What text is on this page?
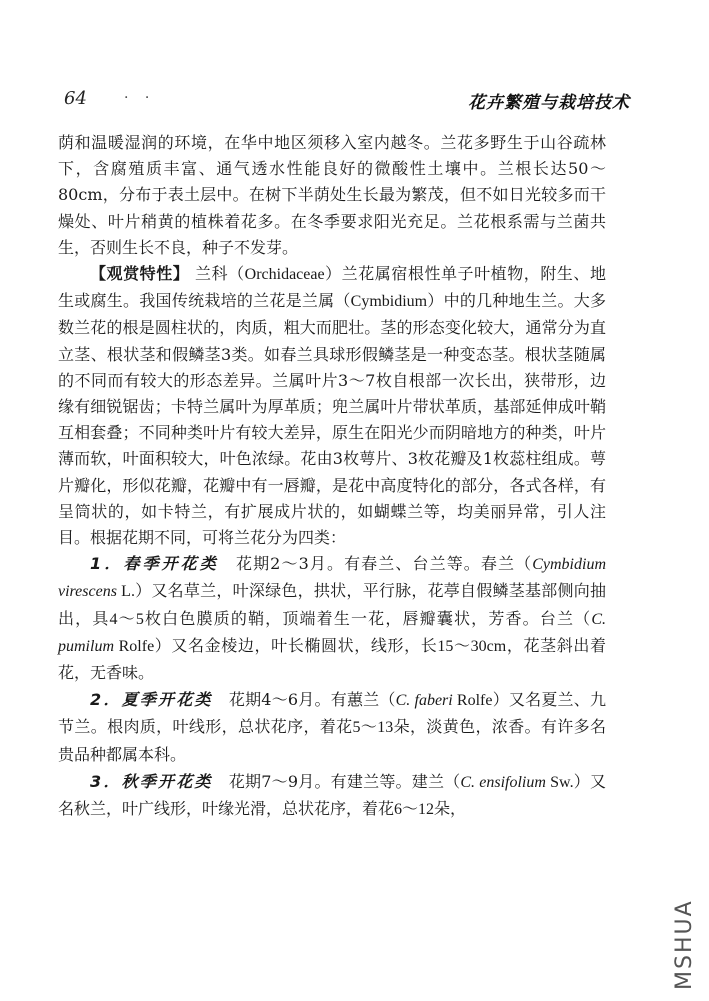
64	· ·	花卉繁殖与栽培技术

荫和温暖湿润的环境，在华中地区须移入室内越冬。兰花多野生于山谷疏林下，含腐殖质丰富、通气透水性能良好的微酸性土壤中。兰根长达50～80cm，分布于表土层中。在树下半荫处生长最为繁茂，但不如日光较多而干燥处、叶片稍黄的植株着花多。在冬季要求阳光充足。兰花根系需与兰菌共生，否则生长不良，种子不发芽。

【观赏特性】 兰科（Orchidaceae）兰花属宿根性单子叶植物，附生、地生或腐生。我国传统栽培的兰花是兰属（Cymbidium）中的几种地生兰。大多数兰花的根是圆柱状的，肉质，粗大而肥壮。茎的形态变化较大，通常分为直立茎、根状茎和假鳞茎3类。如春兰具球形假鳞茎是一种变态茎。根状茎随属的不同而有较大的形态差异。兰属叶片3～7枚自根部一次长出，狭带形，边缘有细锐锯齿；卡特兰属叶为厚革质；兜兰属叶片带状革质，基部延伸成叶鞘互相套叠；不同种类叶片有较大差异，原生在阳光少而阴暗地方的种类，叶片薄而软，叶面积较大，叶色浓绿。花由3枚萼片、3枚花瓣及1枚蕊柱组成。萼片瓣化，形似花瓣，花瓣中有一唇瓣，是花中高度特化的部分，各式各样，有呈筒状的，如卡特兰，有扩展成片状的，如蝴蝶兰等，均美丽异常，引人注目。根据花期不同，可将兰花分为四类：

1．春季开花类　花期2～3月。有春兰、台兰等。春兰（Cymbidium virescens L.）又名草兰，叶深绿色，拱状，平行脉，花葶自假鳞茎基部侧向抽出，具4～5枚白色膜质的鞘，顶端着生一花，唇瓣囊状，芳香。台兰（C. pumilum Rolfe）又名金棱边，叶长椭圆状，线形，长15～30cm，花茎斜出着花，无香味。

2．夏季开花类　花期4～6月。有蕙兰（C. faberi Rolfe）又名夏兰、九节兰。根肉质，叶线形，总状花序，着花5～13朵，淡黄色，浓香。有许多名贵品种都属本科。

3．秋季开花类　花期7～9月。有建兰等。建兰（C. ensifolium Sw.）又名秋兰，叶广线形，叶缘光滑，总状花序，着花6～12朵，

MSHUA
